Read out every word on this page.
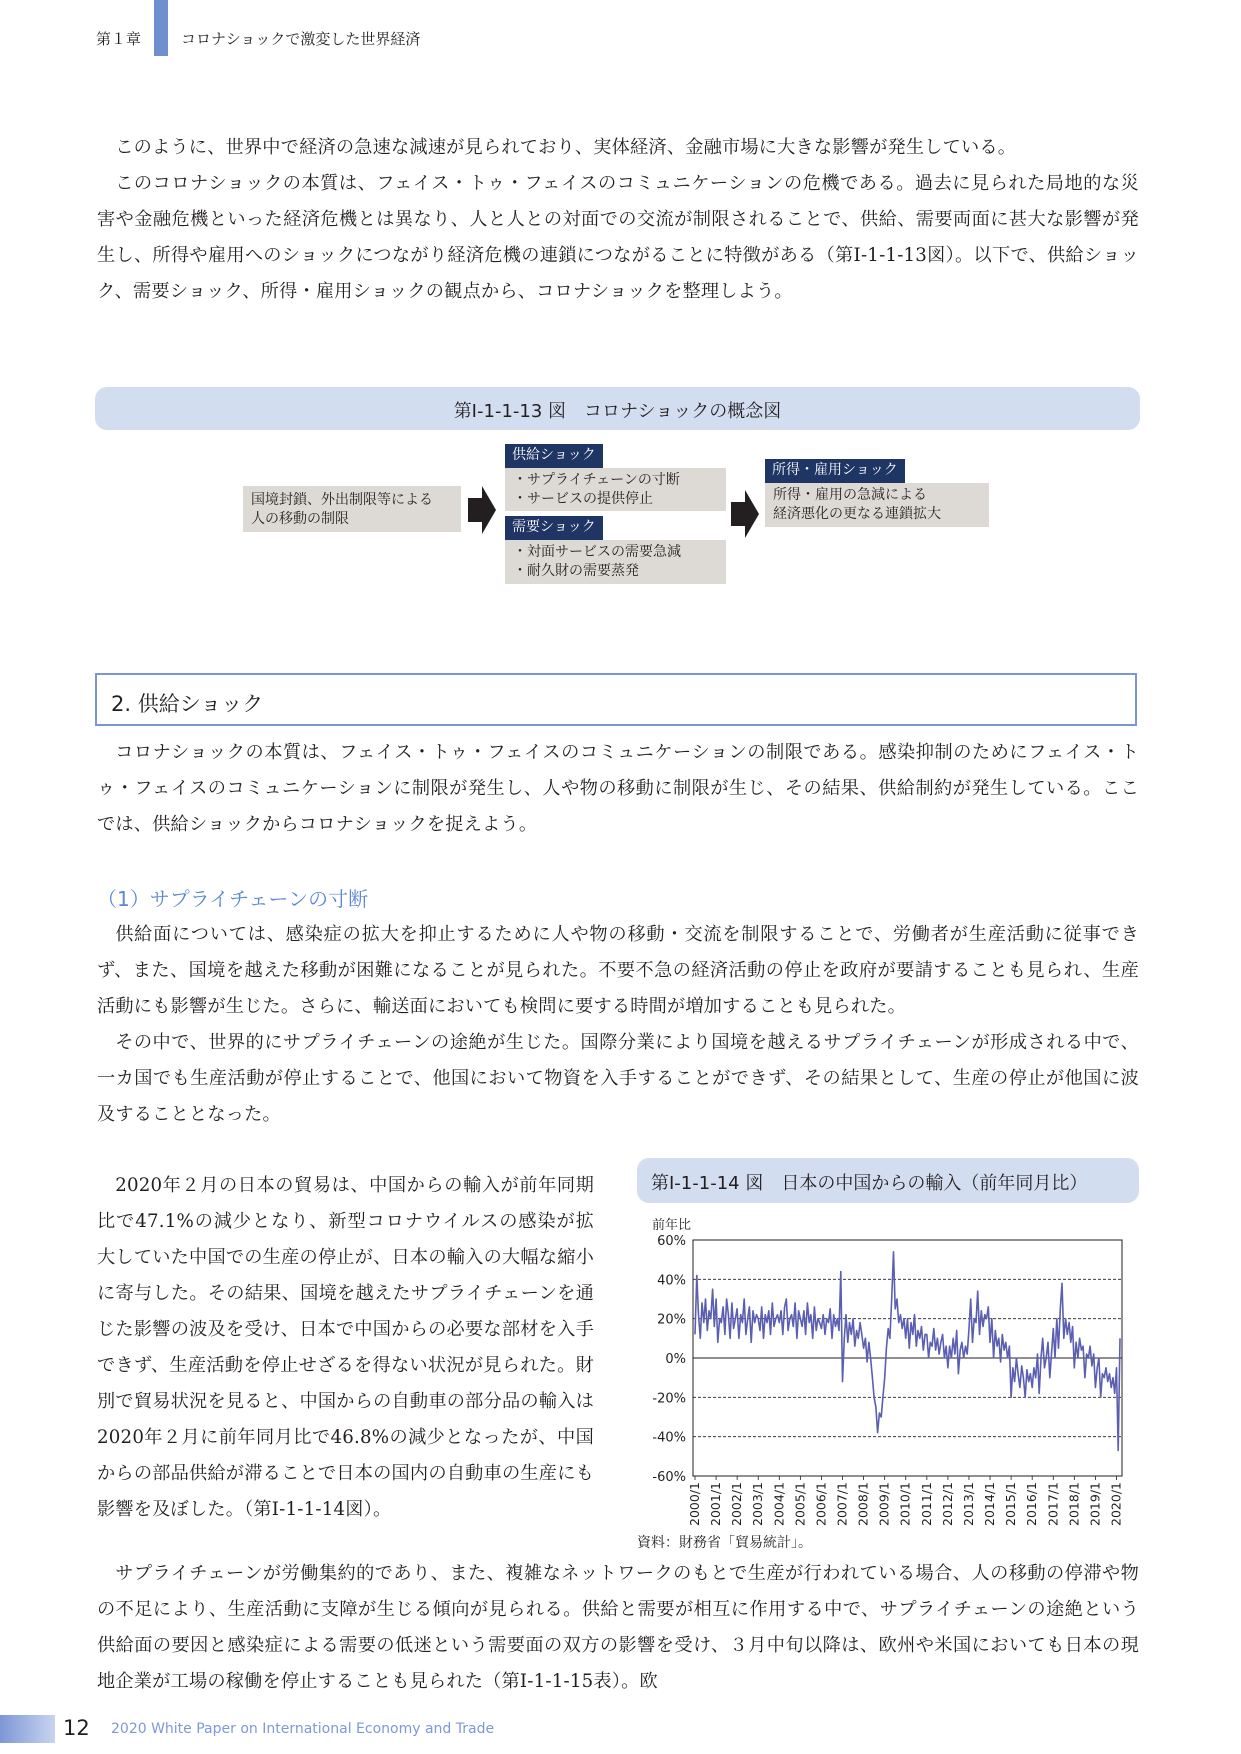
第１章	コロナショックで激変した世界経済

このように、世界中で経済の急速な減速が見られており、実体経済、金融市場に大きな影響が発生している。

このコロナショックの本質は、フェイス・トゥ・フェイスのコミュニケーションの危機である。過去に見られた局地的な災害や金融危機といった経済危機とは異なり、人と人との対面での交流が制限されることで、供給、需要両面に甚大な影響が発生し、所得や雇用へのショックにつながり経済危機の連鎖につながることに特徴がある（第Ⅰ-1-1-13図）。以下で、供給ショック、需要ショック、所得・雇用ショックの観点から、コロナショックを整理しよう。

第Ⅰ-1-1-13 図　コロナショックの概念図
国境封鎖、外出制限等による
人の移動の制限
供給ショック
・サプライチェーンの寸断
・サービスの提供停止
需要ショック
・対面サービスの需要急減
・耐久財の需要蒸発
所得・雇用ショック
所得・雇用の急減による
経済悪化の更なる連鎖拡大
2. 供給ショック

コロナショックの本質は、フェイス・トゥ・フェイスのコミュニケーションの制限である。感染抑制のためにフェイス・トゥ・フェイスのコミュニケーションに制限が発生し、人や物の移動に制限が生じ、その結果、供給制約が発生している。ここでは、供給ショックからコロナショックを捉えよう。

（1）サプライチェーンの寸断

供給面については、感染症の拡大を抑止するために人や物の移動・交流を制限することで、労働者が生産活動に従事できず、また、国境を越えた移動が困難になることが見られた。不要不急の経済活動の停止を政府が要請することも見られ、生産活動にも影響が生じた。さらに、輸送面においても検問に要する時間が増加することも見られた。

その中で、世界的にサプライチェーンの途絶が生じた。国際分業により国境を越えるサプライチェーンが形成される中で、一カ国でも生産活動が停止することで、他国において物資を入手することができず、その結果として、生産の停止が他国に波及することとなった。

2020年２月の日本の貿易は、中国からの輸入が前年同期比で47.1%の減少となり、新型コロナウイルスの感染が拡大していた中国での生産の停止が、日本の輸入の大幅な縮小に寄与した。その結果、国境を越えたサプライチェーンを通じた影響の波及を受け、日本で中国からの必要な部材を入手できず、生産活動を停止せざるを得ない状況が見られた。財別で貿易状況を見ると、中国からの自動車の部分品の輸入は2020年２月に前年同月比で46.8%の減少となったが、中国からの部品供給が滞ることで日本の国内の自動車の生産にも影響を及ぼした。（第Ⅰ-1-1-14図）。

サプライチェーンが労働集約的であり、また、複雑なネットワークのもとで生産が行われている場合、人の移動の停滞や物の不足により、生産活動に支障が生じる傾向が見られる。供給と需要が相互に作用する中で、サプライチェーンの途絶という供給面の要因と感染症による需要の低迷という需要面の双方の影響を受け、３月中旬以降は、欧州や米国においても日本の現地企業が工場の稼働を停止することも見られた（第Ⅰ-1-1-15表）。欧

第Ⅰ-1-1-14 図　日本の中国からの輸入（前年同月比）
前年比
60%
40%
20%
0%
-20%
-40%
-60%
2000/1 2001/1 2002/1 2003/1 2004/1 2005/1 2006/1 2007/1 2008/1 2009/1 2010/1 2011/1 2012/1 2013/1 2014/1 2015/1 2016/1 2017/1 2018/1 2019/1 2020/1
資料：財務省「貿易統計」。
12 2020 White Paper on International Economy and Trade
